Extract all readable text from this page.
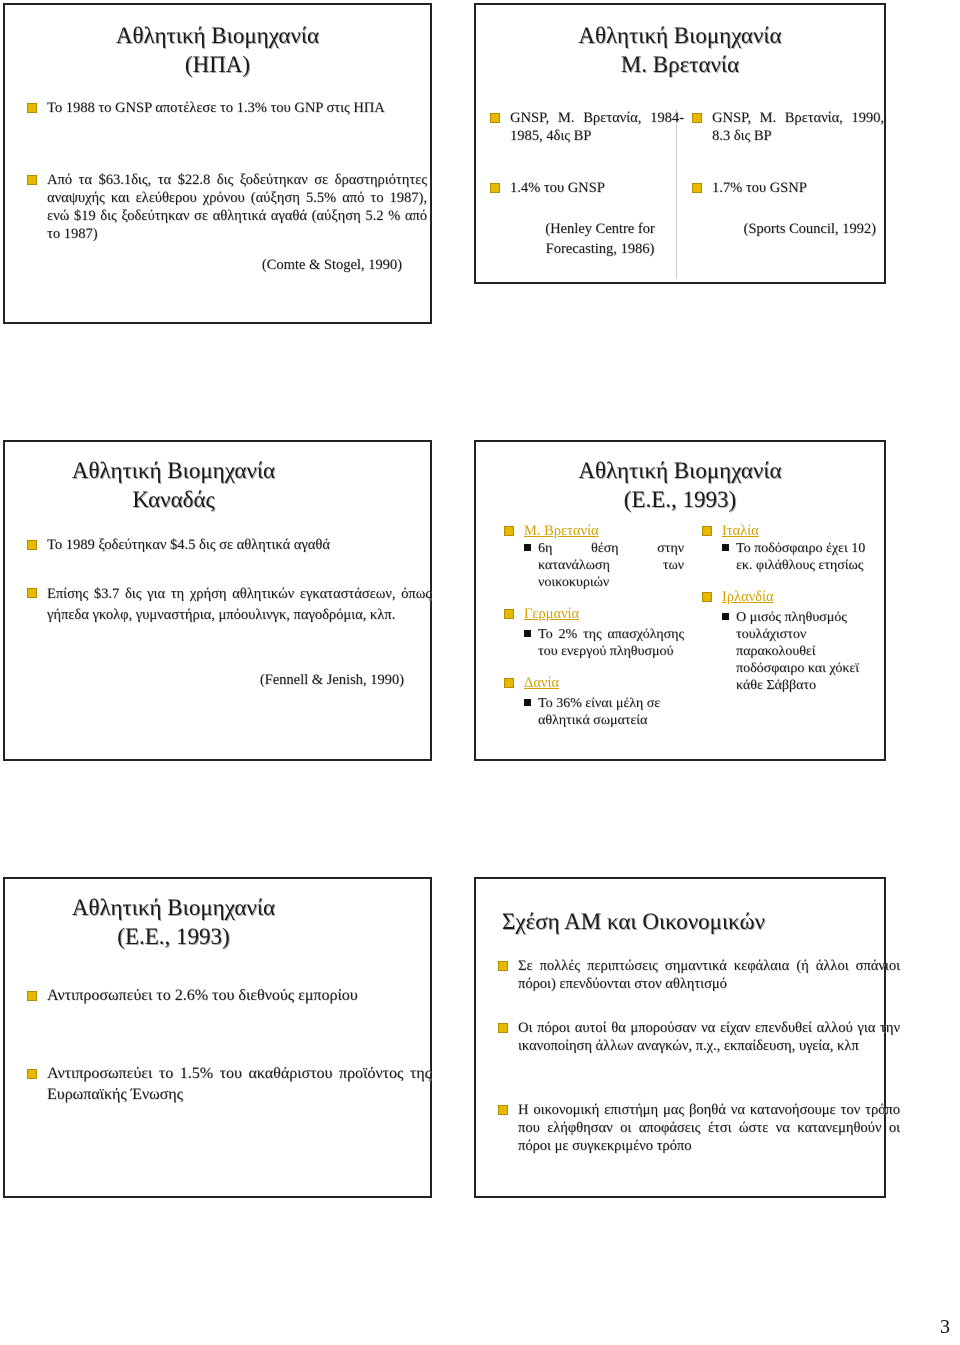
Αθλητική Βιομηχανία
(ΗΠΑ)
Το 1988 το GNSP αποτέλεσε το 1.3% του GNP στις ΗΠΑ
Από τα $63.1δις, τα $22.8 δις ξοδεύτηκαν σε δραστηριότητες αναψυχής και ελεύθερου χρόνου (αύξηση 5.5% από το 1987), ενώ $19 δις ξοδεύτηκαν σε αθλητικά αγαθά (αύξηση 5.2 % από το 1987)
(Comte & Stogel, 1990)
Αθλητική Βιομηχανία
Μ. Βρετανία
GNSP, Μ. Βρετανία, 1984-1985, 4δις ΒΡ
1.4% του GNSP
(Henley Centre for Forecasting, 1986)
GNSP, Μ. Βρετανία, 1990, 8.3 δις ΒΡ
1.7% του GSNP
(Sports Council, 1992)
Αθλητική Βιομηχανία
Καναδάς
Το 1989 ξοδεύτηκαν $4.5 δις σε αθλητικά αγαθά
Επίσης $3.7 δις για τη χρήση αθλητικών εγκαταστάσεων, όπως γήπεδα γκολφ, γυμναστήρια, μπόουλινγκ, παγοδρόμια, κλπ.
(Fennell & Jenish, 1990)
Αθλητική Βιομηχανία
(Ε.Ε., 1993)
Μ. Βρετανία
6η θέση στην κατανάλωση των νοικοκυριών
Γερμανία
Το 2% της απασχόλησης του ενεργού πληθυσμού
Δανία
Το 36% είναι μέλη σε αθλητικά σωματεία
Ιταλία
Το ποδόσφαιρο έχει 10 εκ. φιλάθλους ετησίως
Ιρλανδία
Ο μισός πληθυσμός τουλάχιστον παρακολουθεί ποδόσφαιρο και χόκεϊ κάθε Σάββατο
Αθλητική Βιομηχανία
(Ε.Ε., 1993)
Αντιπροσωπεύει το 2.6% του διεθνούς εμπορίου
Αντιπροσωπεύει το 1.5% του ακαθάριστου προϊόντος της Ευρωπαϊκής Ένωσης
Σχέση ΑΜ και Οικονομικών
Σε πολλές περιπτώσεις σημαντικά κεφάλαια (ή άλλοι σπάνιοι πόροι) επενδύονται στον αθλητισμό
Οι πόροι αυτοί θα μπορούσαν να είχαν επενδυθεί αλλού για την ικανοποίηση άλλων αναγκών, π.χ., εκπαίδευση, υγεία, κλπ
Η οικονομική επιστήμη μας βοηθά να κατανοήσουμε τον τρόπο που ελήφθησαν οι αποφάσεις έτσι ώστε να κατανεμηθούν οι πόροι με συγκεκριμένο τρόπο
3
